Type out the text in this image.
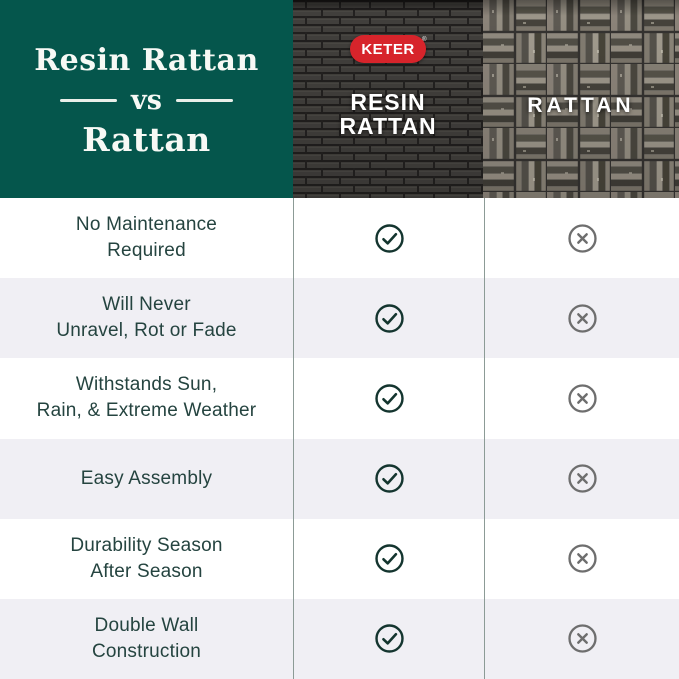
Resin Rattan
vs
Rattan
KETER
®
RESIN
RATTAN
RATTAN
No Maintenance
Required
Will Never
Unravel, Rot or Fade
Withstands Sun,
Rain, & Extreme Weather
Easy Assembly
Durability Season
After Season
Double Wall
Construction
